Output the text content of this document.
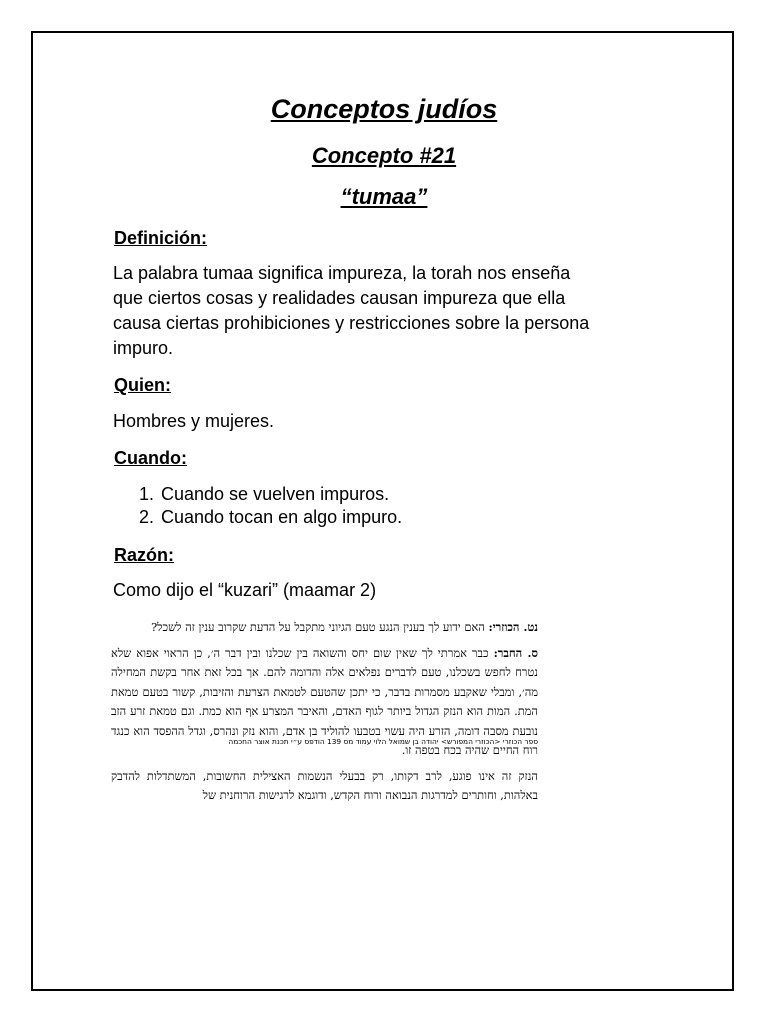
Conceptos judíos
Concepto #21
“tumaa”
Definición:
La palabra tumaa significa impureza, la torah nos enseña
que ciertos cosas y realidades causan impureza que ella
causa ciertas prohibiciones y restricciones sobre la persona
impuro.
Quien:
Hombres y mujeres.
Cuando:
1. Cuando se vuelven impuros.
2. Cuando tocan en algo impuro.
Razón:
Como dijo el “kuzari” (maamar 2)

נט. הכוזרי: האם ידוע לך בענין הנגע טעם הגיוני מתקבל על הדעת שקרוב ענין זה לשכל?

ס. החבר: כבר אמרתי לך שאין שום יחס והשואה בין שכלנו ובין דבר ה׳, כן הראוי אפוא שלא נטרח לחפש בשכלנו, טעם לדברים נפלאים אלה והדומה להם. אך בכל זאת אחר בקשת המחילה מה׳, ומבלי שאקבע מסמרות בדבר, כי יתכן שהטעם לטמאת הצרעת והזיבות, קשור בטעם טמאת המת. המות הוא הנזק הגדול ביותר לגוף האדם, והאיבר המצרע אף הוא כמת. וגם טמאת זרע הזב נובעת מסבה דומה, הזרע היה עשוי בטבעו להוליד בן אדם, והוא נזק ונהרס, וגדל ההפסד הוא כנגד רוח החיים שהיה בכח בטפה זו.

הנזק זה אינו פוגע, לרב דקותו, רק בבעלי הנשמות האצילית החשובות, המשתדלות להדבק באלהות, וחותרים למדרגות הנבואה ורוח הקדש, ודוגמא לרגישות הרוחנית של

ספר הכוזרי <הכוזרי המפורש> יהודה בן שמואל הלוי עמוד מס 139 הודפס ע״י תכנת אוצר החכמה
